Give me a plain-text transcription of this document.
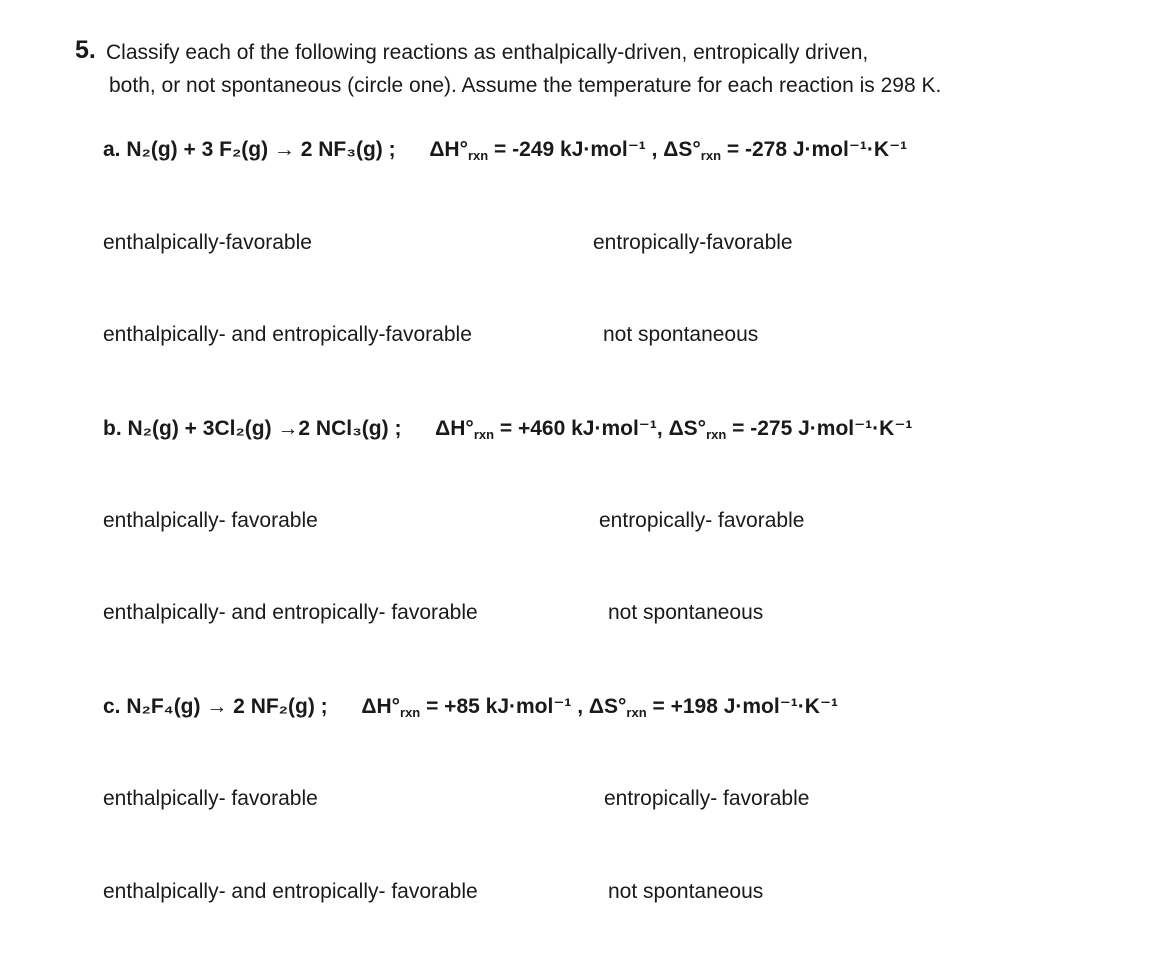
5. Classify each of the following reactions as enthalpically-driven, entropically driven,
both, or not spontaneous (circle one). Assume the temperature for each reaction is 298 K.
a. N₂(g) + 3 F₂(g) → 2 NF₃(g) ; ΔH°rxn = -249 kJ·mol⁻¹ , ΔS°rxn = -278 J·mol⁻¹·K⁻¹
enthalpically-favorable	entropically-favorable
enthalpically- and entropically-favorable	not spontaneous
b. N₂(g) + 3Cl₂(g) →2 NCl₃(g) ; ΔH°rxn = +460 kJ·mol⁻¹, ΔS°rxn = -275 J·mol⁻¹·K⁻¹
enthalpically- favorable	entropically- favorable
enthalpically- and entropically- favorable	not spontaneous
c. N₂F₄(g) → 2 NF₂(g) ; ΔH°rxn = +85 kJ·mol⁻¹ , ΔS°rxn = +198 J·mol⁻¹·K⁻¹
enthalpically- favorable	entropically- favorable
enthalpically- and entropically- favorable	not spontaneous
